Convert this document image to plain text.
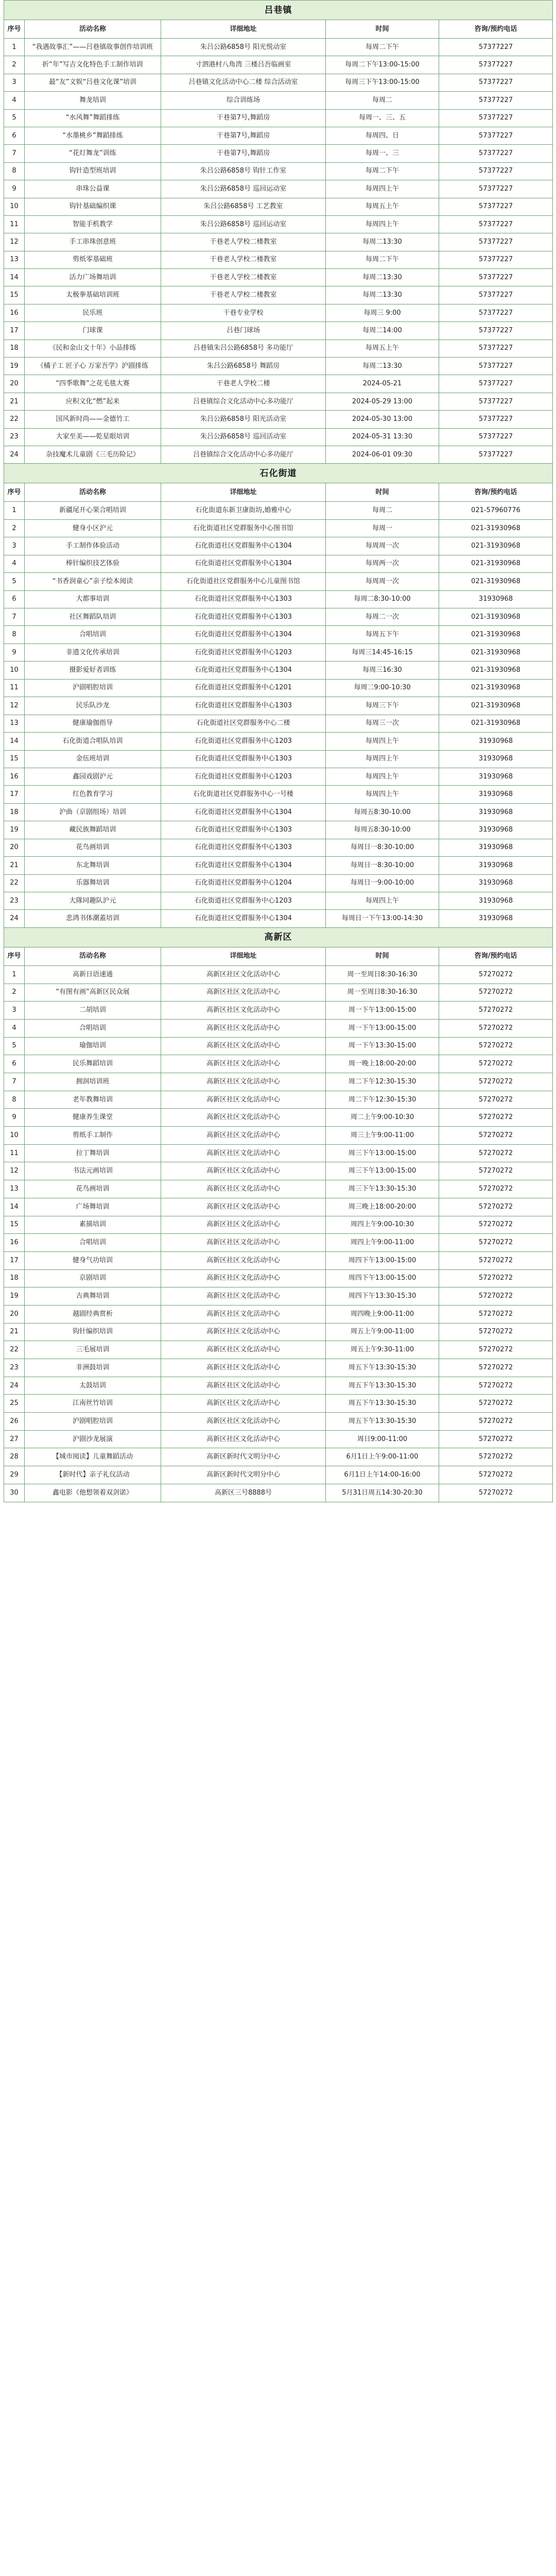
吕巷镇				
序号	活动名称	详细地址	时间	咨询/预约电话
1	“我遇故事汇”——吕巷镇故事创作培训班	朱吕公路6858号 阳光悦动室	每周二下午	57377227
2	折“年”写吉文化特色手工制作培训	寸泗港村八角湾 三楼吕吾临画室	每周二下午13:00-15:00	57377227
3	最“友”文娱“吕巷文化课”培训	吕巷镇文化活动中心二楼 综合活动室	每周三下午13:00-15:00	57377227
4	舞龙培训	综合训练场	每周二	57377227
5	“水风舞”舞蹈排练	干巷第7号,舞蹈房	每周一、三、五	57377227
6	“水墨桃乡”舞蹈排练	干巷第7号,舞蹈房	每周四、日	57377227
7	“花灯舞龙”训练	干巷第7号,舞蹈房	每周一、三	57377227
8	钩针造型班培训	朱吕公路6858号 钩针工作室	每周二下午	57377227
9	串珠公益课	朱吕公路6858号 巡回运动室	每周四上午	57377227
10	钩针基础编织课	朱吕公路6858号 工艺教室	每周五上午	57377227
11	智能手机教学	朱吕公路6858号 巡回运动室	每周四上午	57377227
12	手工串珠创意班	干巷老人学校二楼教室	每周二13:30	57377227
13	剪纸零基础班	干巷老人学校二楼教室	每周二下午	57377227
14	活力广场舞培训	干巷老人学校二楼教室	每周二13:30	57377227
15	太极拳基础培训班	干巷老人学校二楼教室	每周二13:30	57377227
16	民乐班	干巷专业学校	每周三 9:00	57377227
17	门球课	吕巷门球场	每周二14:00	57377227
18	《民和金山文十年》小品排练	吕巷镇朱吕公路6858号 多功能厅	每周五上午	57377227
19	《橘子工 匠子心 万家吾学》沪剧排练	朱吕公路6858号 舞蹈房	每周二13:30	57377227
20	“四季歌舞”之花毛毯大赛	干巷老人学校二楼	2024-05-21	57377227
21	应积文化“燃”起来	吕巷镇综合文化活动中心多功能厅	2024-05-29 13:00	57377227
22	国风新时尚——金德竹工	朱吕公路6858号 阳光活动室	2024-05-30 13:00	57377227
23	大家至美——乾星眼培训	朱吕公路6858号 巡回活动室	2024-05-31 13:30	57377227
24	杂技魔术儿童剧《三毛历险记》	吕巷镇综合文化活动中心多功能厅	2024-06-01 09:30	57377227
石化街道				
序号	活动名称	详细地址	时间	咨询/预约电话
1	新疆尾开心果合唱培训	石化街道东新卫康街坊,婚雅中心	每周二	021-57960776
2	健身小区沪元	石化街道社区党群服务中心图书馆	每周一	021-31930968
3	手工制作体验活动	石化街道社区党群服务中心1304	每周周一次	021-31930968
4	棒针编织技艺体验	石化街道社区党群服务中心1304	每周两一次	021-31930968
5	“书香润童心”亲子绘本阅读	石化街道社区党群服务中心儿童图书馆	每周周一次	021-31930968
6	大都事培训	石化街道社区党群服务中心1303	每周二8:30-10:00	31930968
7	社区舞蹈队培训	石化街道社区党群服务中心1303	每周二一次	021-31930968
8	合唱培训	石化街道社区党群服务中心1304	每周五下午	021-31930968
9	非遗文化传承培训	石化街道社区党群服务中心1203	每周三14:45-16:15	021-31930968
10	摄影爱好者训练	石化街道社区党群服务中心1304	每周三16:30	021-31930968
11	沪剧唱腔培训	石化街道社区党群服务中心1201	每周二9:00-10:30	021-31930968
12	民乐队沙龙	石化街道社区党群服务中心1303	每周三下午	021-31930968
13	健康瑜伽指导	石化街道社区党群服务中心二楼	每周三一次	021-31930968
14	石化街道合唱队培训	石化街道社区党群服务中心1203	每周四上午	31930968
15	金伍班培训	石化街道社区党群服务中心1303	每周四上午	31930968
16	鑫园戏剧沪元	石化街道社区党群服务中心1203	每周四上午	31930968
17	红色教育学习	石化街道社区党群服务中心一号楼	每周四上午	31930968
18	沪曲（京剧组场）培训	石化街道社区党群服务中心1304	每周五8:30-10:00	31930968
19	藏民族舞蹈培训	石化街道社区党群服务中心1303	每周五8:30-10:00	31930968
20	花鸟画培训	石化街道社区党群服务中心1303	每周日一8:30-10:00	31930968
21	东北舞培训	石化街道社区党群服务中心1304	每周日一8:30-10:00	31930968
22	乐器舞培训	石化街道社区党群服务中心1204	每周日一9:00-10:00	31930968
23	大隊同趣队沪元	石化街道社区党群服务中心1203	每周四上午	31930968
24	悲鸿书体潮蓋培训	石化街道社区党群服务中心1304	每周日一下午13:00-14:30	31930968
高新区				
序号	活动名称	详细地址	时间	咨询/预约电话
1	高新日语速通	高新区社区文化活动中心	周一至周日8:30-16:30	57270272
2	“有图有画”高新区民众展	高新区社区文化活动中心	周一至周日8:30-16:30	57270272
3	二胡培训	高新区社区文化活动中心	周一下午13:00-15:00	57270272
4	合唱培训	高新区社区文化活动中心	周一下午13:00-15:00	57270272
5	瑜伽培训	高新区社区文化活动中心	周一下午13:30-15:00	57270272
6	民乐舞蹈培训	高新区社区文化活动中心	周一晚上18:00-20:00	57270272
7	拥润培训班	高新区社区文化活动中心	周二下午12:30-15:30	57270272
8	老年教舞培训	高新区社区文化活动中心	周二下午12:30-15:30	57270272
9	健康养生课堂	高新区社区文化活动中心	周二上午9:00-10:30	57270272
10	剪纸手工制作	高新区社区文化活动中心	周三上午9:00-11:00	57270272
11	拉丁舞培训	高新区社区文化活动中心	周三下午13:00-15:00	57270272
12	书法元画培训	高新区社区文化活动中心	周三下午13:00-15:00	57270272
13	花鸟画培训	高新区社区文化活动中心	周三下午13:30-15:30	57270272
14	广场舞培训	高新区社区文化活动中心	周三晚上18:00-20:00	57270272
15	素描培训	高新区社区文化活动中心	周四上午9:00-10:30	57270272
16	合唱培训	高新区社区文化活动中心	周四上午9:00-11:00	57270272
17	健身气功培训	高新区社区文化活动中心	周四下午13:00-15:00	57270272
18	京剧培训	高新区社区文化活动中心	周四下午13:00-15:00	57270272
19	古典舞培训	高新区社区文化活动中心	周四下午13:30-15:30	57270272
20	越剧经典赏析	高新区社区文化活动中心	周四晚上9:00-11:00	57270272
21	钩针编织培训	高新区社区文化活动中心	周五上午9:00-11:00	57270272
22	三毛展培训	高新区社区文化活动中心	周五上午9:30-11:00	57270272
23	非洲鼓培训	高新区社区文化活动中心	周五下午13:30-15:30	57270272
24	太鼓培训	高新区社区文化活动中心	周五下午13:30-15:30	57270272
25	江南丝竹培训	高新区社区文化活动中心	周五下午13:30-15:30	57270272
26	沪剧唱腔培训	高新区社区文化活动中心	周五下午13:30-15:30	57270272
27	沪剧沙龙展演	高新区社区文化活动中心	周日9:00-11:00	57270272
28	【城市阅读】儿童舞蹈活动	高新区新时代文明分中心	6月1日上午9:00-11:00	57270272
29	【新时代】亲子礼仪活动	高新区新时代文明分中心	6月1日上午14:00-16:00	57270272
30	鑫电影《他想领着双剑诺》	高新区三号8888号	5月31日周五14:30-20:30	57270272
